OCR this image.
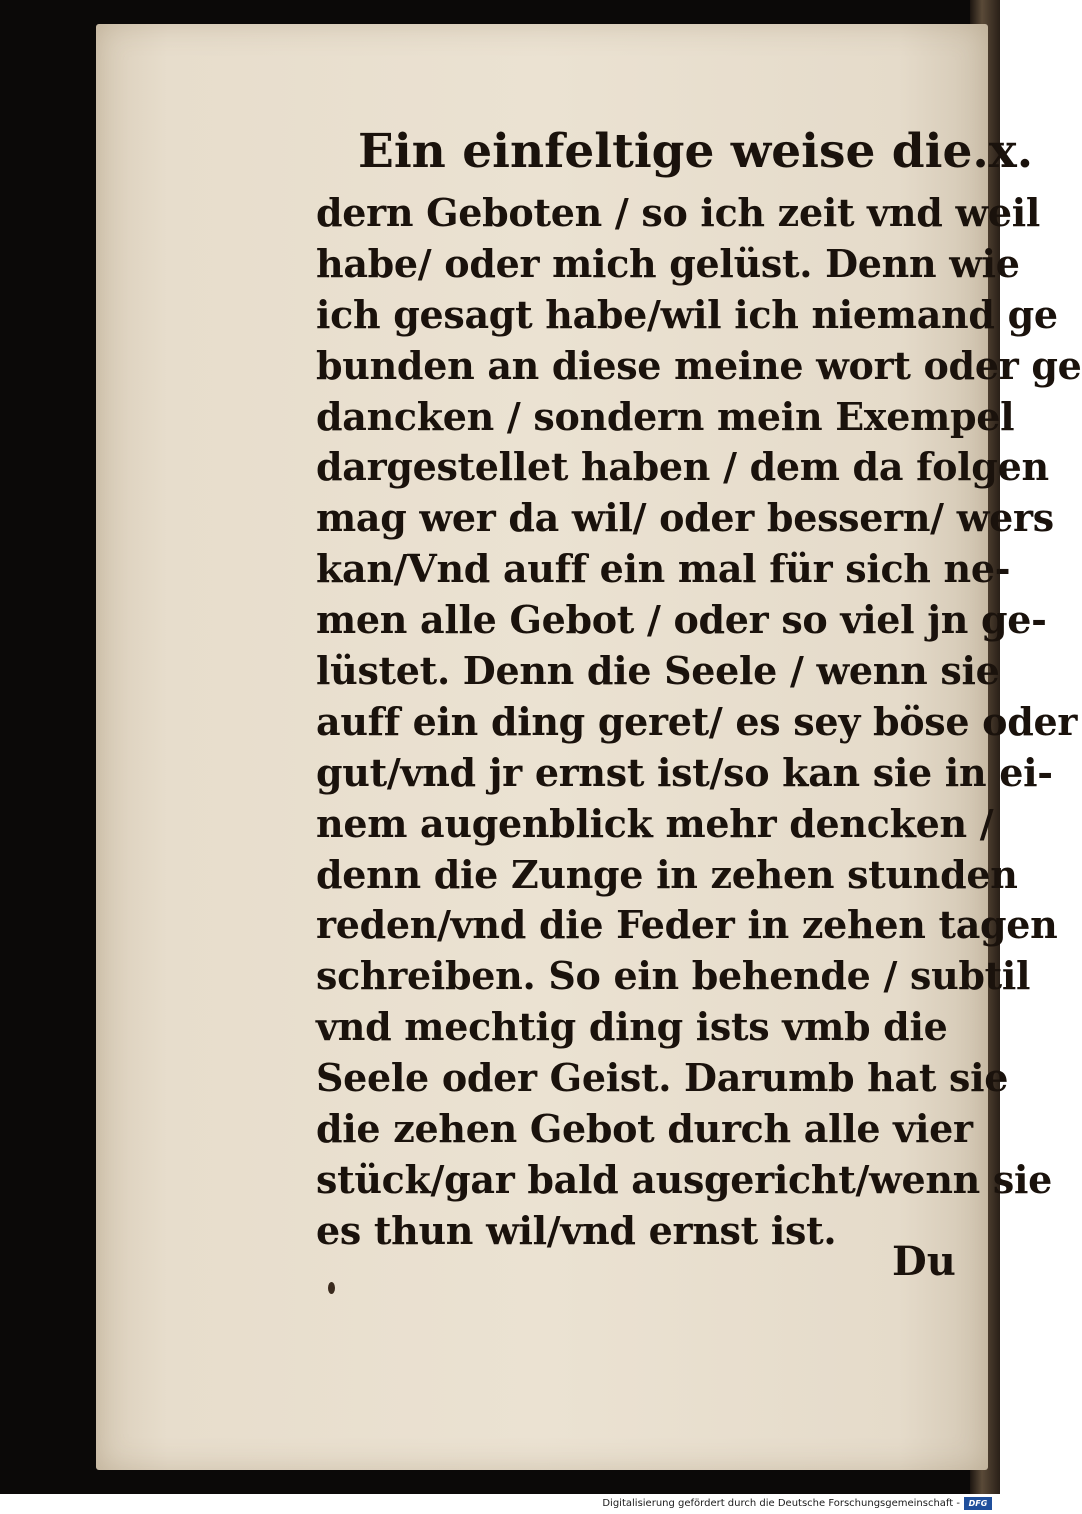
Ein einfeltige weise die.x.
dern Geboten / so ich zeit vnd weil
habe/ oder mich gelüst. Denn wie
ich gesagt habe/wil ich niemand ge
bunden an diese meine wort oder ge
dancken / sondern mein Exempel
dargestellet haben / dem da folgen
mag wer da wil/ oder bessern/ wers
kan/Vnd auff ein mal für sich ne-
men alle Gebot / oder so viel jn ge-
lüstet. Denn die Seele / wenn sie
auff ein ding geret/ es sey böse oder
gut/vnd jr ernst ist/so kan sie in ei-
nem augenblick mehr dencken /
denn die Zunge in zehen stunden
reden/vnd die Feder in zehen tagen
schreiben. So ein behende / subtil
vnd mechtig ding ists vmb die
Seele oder Geist. Darumb hat sie
die zehen Gebot durch alle vier
stück/gar bald ausgericht/wenn sie
es thun wil/vnd ernst ist.
Du
Digitalisierung gefördert durch die Deutsche Forschungsgemeinschaft -	DFG
